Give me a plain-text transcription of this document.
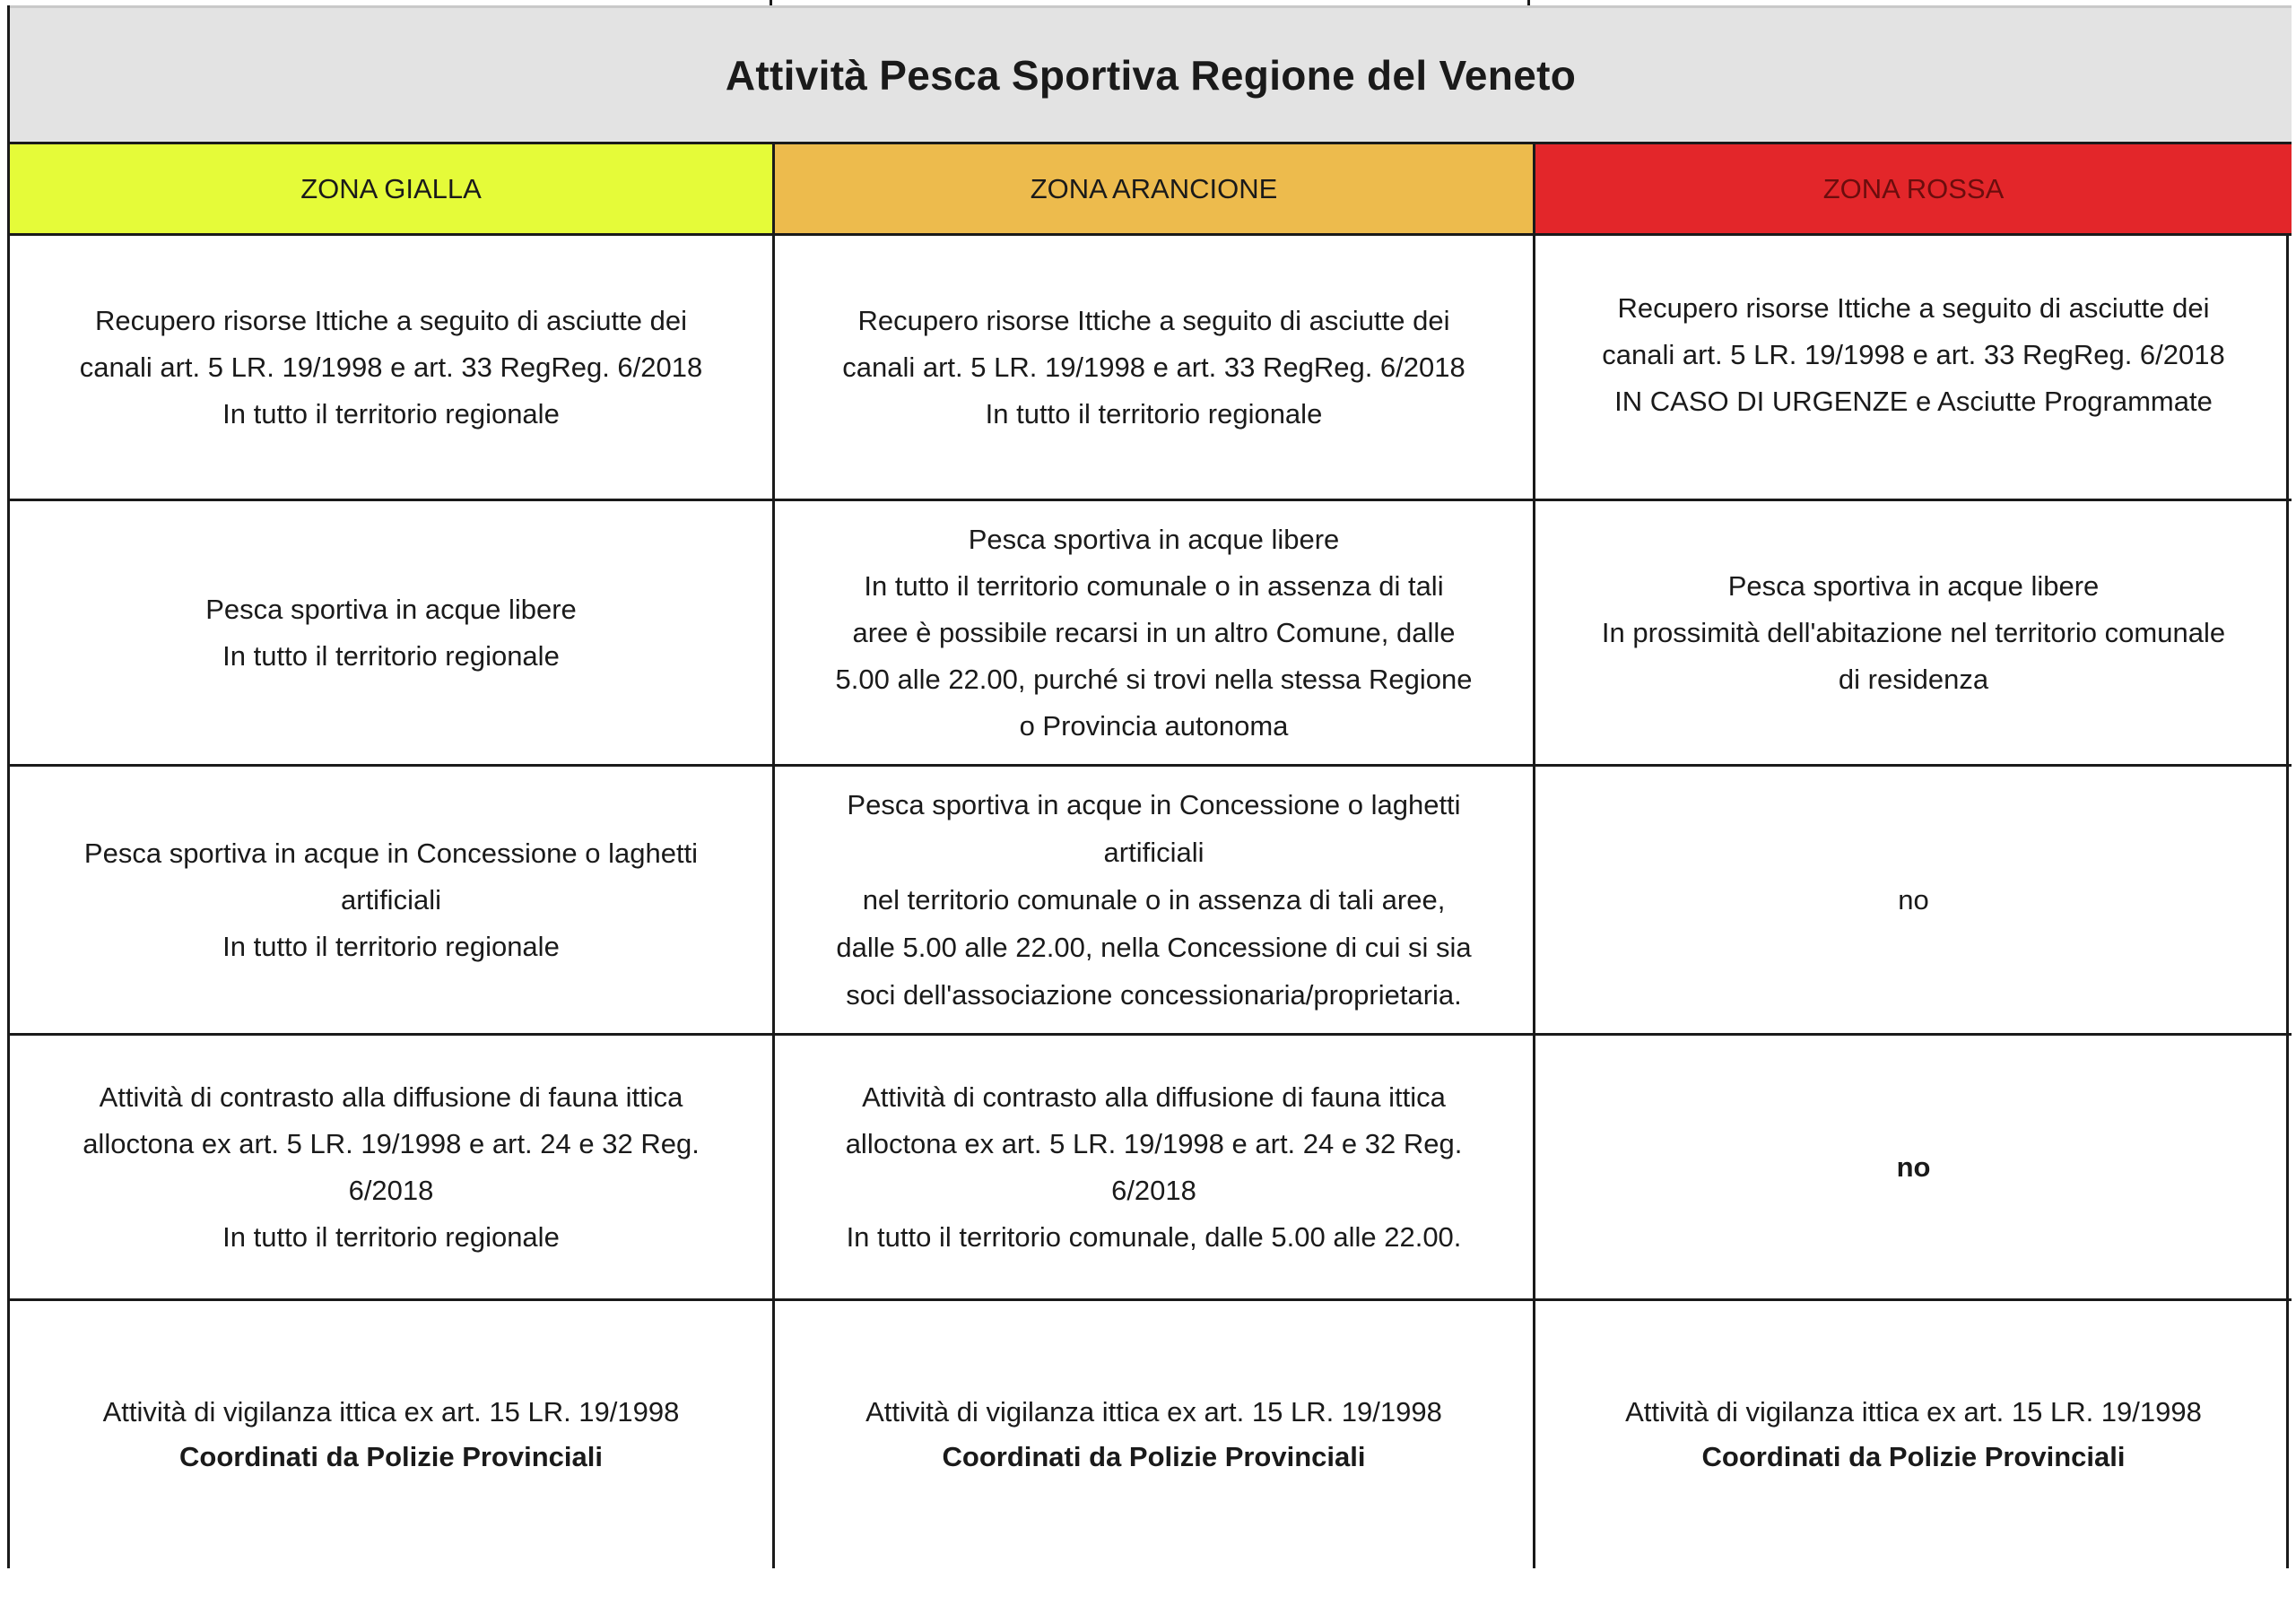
Attività Pesca Sportiva Regione del Veneto
ZONA GIALLA	ZONA ARANCIONE	ZONA ROSSA
Recupero risorse Ittiche a seguito di asciutte dei
canali art. 5 LR. 19/1998 e art. 33 RegReg. 6/2018
In tutto il territorio regionale
Recupero risorse Ittiche a seguito di asciutte dei
canali art. 5 LR. 19/1998 e art. 33 RegReg. 6/2018
In tutto il territorio regionale
Recupero risorse Ittiche a seguito di asciutte dei
canali art. 5 LR. 19/1998 e art. 33 RegReg. 6/2018
IN CASO DI URGENZE e Asciutte Programmate
Pesca sportiva in acque libere
In tutto il territorio regionale
Pesca sportiva in acque libere
In tutto il territorio comunale o in assenza di tali
aree è possibile recarsi in un altro Comune, dalle
5.00 alle 22.00, purché si trovi nella stessa Regione
o Provincia autonoma
Pesca sportiva in acque libere
In prossimità dell'abitazione nel territorio comunale
di residenza
Pesca sportiva in acque in Concessione o laghetti
artificiali
In tutto il territorio regionale
Pesca sportiva in acque in Concessione o laghetti
artificiali
nel territorio comunale o in assenza di tali aree,
dalle 5.00 alle 22.00, nella Concessione di cui si sia
soci dell'associazione concessionaria/proprietaria.
no
Attività di contrasto alla diffusione di fauna ittica
alloctona ex art. 5 LR. 19/1998 e art. 24 e 32 Reg.
6/2018
In tutto il territorio regionale
Attività di contrasto alla diffusione di fauna ittica
alloctona ex art. 5 LR. 19/1998 e art. 24 e 32 Reg.
6/2018
In tutto il territorio comunale, dalle 5.00 alle 22.00.
no
Attività di vigilanza ittica ex art. 15 LR. 19/1998
Coordinati da Polizie Provinciali
Attività di vigilanza ittica ex art. 15 LR. 19/1998
Coordinati da Polizie Provinciali
Attività di vigilanza ittica ex art. 15 LR. 19/1998
Coordinati da Polizie Provinciali
